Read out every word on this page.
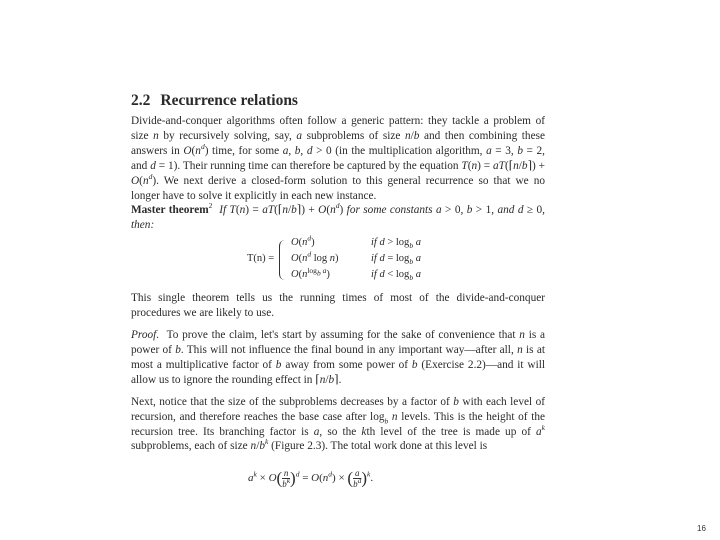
2.2 Recurrence relations

Divide-and-conquer algorithms often follow a generic pattern: they tackle a problem of size n by recursively solving, say, a subproblems of size n/b and then combining these answers in $O(n^d)$ time, for some a, b, d > 0 (in the multiplication algorithm, a = 3, b = 2, and d = 1). Their running time can therefore be captured by the equation T(n) = aT(⌈n/b⌉) + $O(n^d)$. We next derive a closed-form solution to this general recurrence so that we no longer have to solve it explicitly in each new instance.

Master theorem$^2$ If T(n) = aT(⌈n/b⌉) + $O(n^d)$ for some constants a > 0, b > 1, and d ≥ 0, then:

T(n) =
$O(n^d)$
$O(n^d$ log n)
$O(n^{log_b a})$
if $d > \log_b a$
if $d = \log_b a$
if $d < \log_b a$

This single theorem tells us the running times of most of the divide-and-conquer procedures we are likely to use.

Proof. To prove the claim, let's start by assuming for the sake of convenience that n is a power of b. This will not influence the final bound in any important way—after all, n is at most a multiplicative factor of b away from some power of b (Exercise 2.2)—and it will allow us to ignore the rounding effect in ⌈n/b⌉.

Next, notice that the size of the subproblems decreases by a factor of b with each level of recursion, and therefore reaches the base case after $\log_b n$ levels. This is the height of the recursion tree. Its branching factor is a, so the kth level of the tree is made up of $a^k$ subproblems, each of size $n/b^k$ (Figure 2.3). The total work done at this level is

$a^k \times O( \frac{n}{b^k})^d = O(n^d)$ × ( $\frac{a}{b^d})^k$.
16
